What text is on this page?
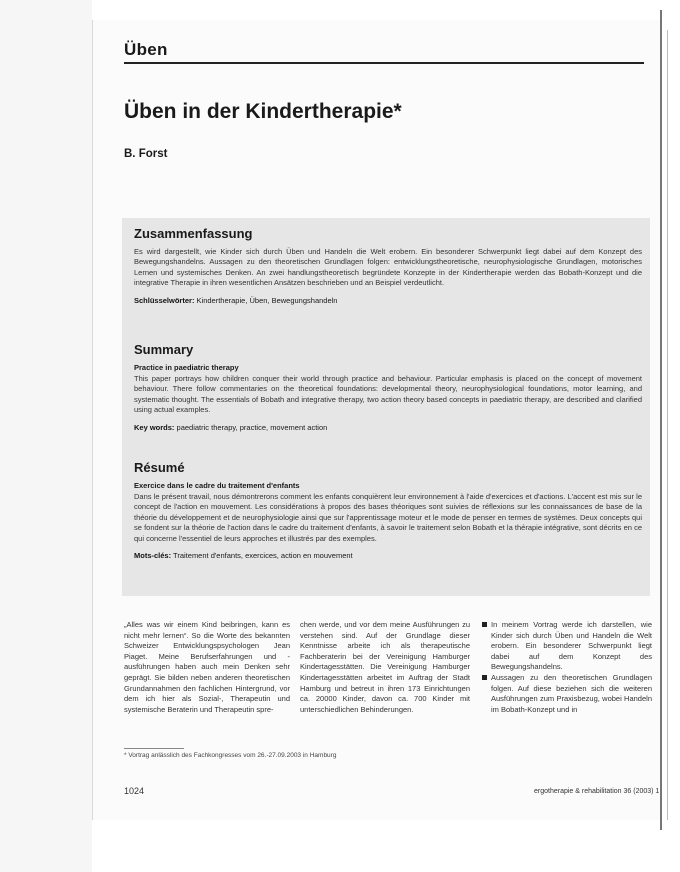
Üben
Üben in der Kindertherapie*
B. Forst
Zusammenfassung

Es wird dargestellt, wie Kinder sich durch Üben und Handeln die Welt erobern. Ein besonderer Schwerpunkt liegt dabei auf dem Konzept des Bewegungshandelns. Aussagen zu den theoretischen Grundlagen folgen: entwicklungstheoretische, neurophysiologische Grundlagen, motorisches Lernen und systemisches Denken. An zwei handlungstheoretisch begründete Konzepte in der Kindertherapie werden das Bobath-Konzept und die integrative Therapie in ihren wesentlichen Ansätzen beschrieben und an Beispiel verdeutlicht.

Schlüsselwörter: Kindertherapie, Üben, Bewegungshandeln
Summary
Practice in paediatric therapy

This paper portrays how children conquer their world through practice and behaviour. Particular emphasis is placed on the concept of movement behaviour. There follow commentaries on the theoretical foundations: developmental theory, neurophysiological foundations, motor learning, and systematic thought. The essentials of Bobath and integrative therapy, two action theory based concepts in paediatric therapy, are described and clarified using actual examples.

Key words: paediatric therapy, practice, movement action
Résumé
Exercice dans le cadre du traitement d'enfants

Dans le présent travail, nous démontrerons comment les enfants conquièrent leur environnement à l'aide d'exercices et d'actions. L'accent est mis sur le concept de l'action en mouvement. Les considérations à propos des bases théoriques sont suivies de réflexions sur les connaissances de base de la théorie du développement et de neurophysiologie ainsi que sur l'apprentissage moteur et le mode de penser en termes de systèmes. Deux concepts qui se fondent sur la théorie de l'action dans le cadre du traitement d'enfants, à savoir le traitement selon Bobath et la thérapie intégrative, sont décrits en ce qui concerne l'essentiel de leurs approches et illustrés par des exemples.

Mots-clés: Traitement d'enfants, exercices, action en mouvement
„Alles was wir einem Kind beibringen, kann es nicht mehr lernen“. So die Worte des bekannten Schweizer Entwicklungspsychologen Jean Piaget. Meine Berufserfahrungen und -ausführungen haben auch mein Denken sehr geprägt. Sie bilden neben anderen theoretischen Grundannahmen den fachlichen Hintergrund, vor dem ich hier als Sozial-, Therapeutin und systemische Beraterin und Therapeutin spre-
chen werde, und vor dem meine Ausführungen zu verstehen sind. Auf der Grundlage dieser Kenntnisse arbeite ich als therapeutische Fachberaterin bei der Vereinigung Hamburger Kindertagesstätten. Die Vereinigung Hamburger Kindertagesstätten arbeitet im Auftrag der Stadt Hamburg und betreut in ihren 173 Einrichtungen ca. 20000 Kinder, davon ca. 700 Kinder mit unterschiedlichen Behinderungen.
In meinem Vortrag werde ich darstellen, wie Kinder sich durch Üben und Handeln die Welt erobern. Ein besonderer Schwerpunkt liegt dabei auf dem Konzept des Bewegungshandelns.
Aussagen zu den theoretischen Grundlagen folgen. Auf diese beziehen sich die weiteren Ausführungen zum Praxisbezug, wobei Handeln im Bobath-Konzept und in
* Vortrag anlässlich des Fachkongresses vom 26.-27.09.2003 in Hamburg
1024	ergotherapie & rehabilitation 36 (2003) 1
